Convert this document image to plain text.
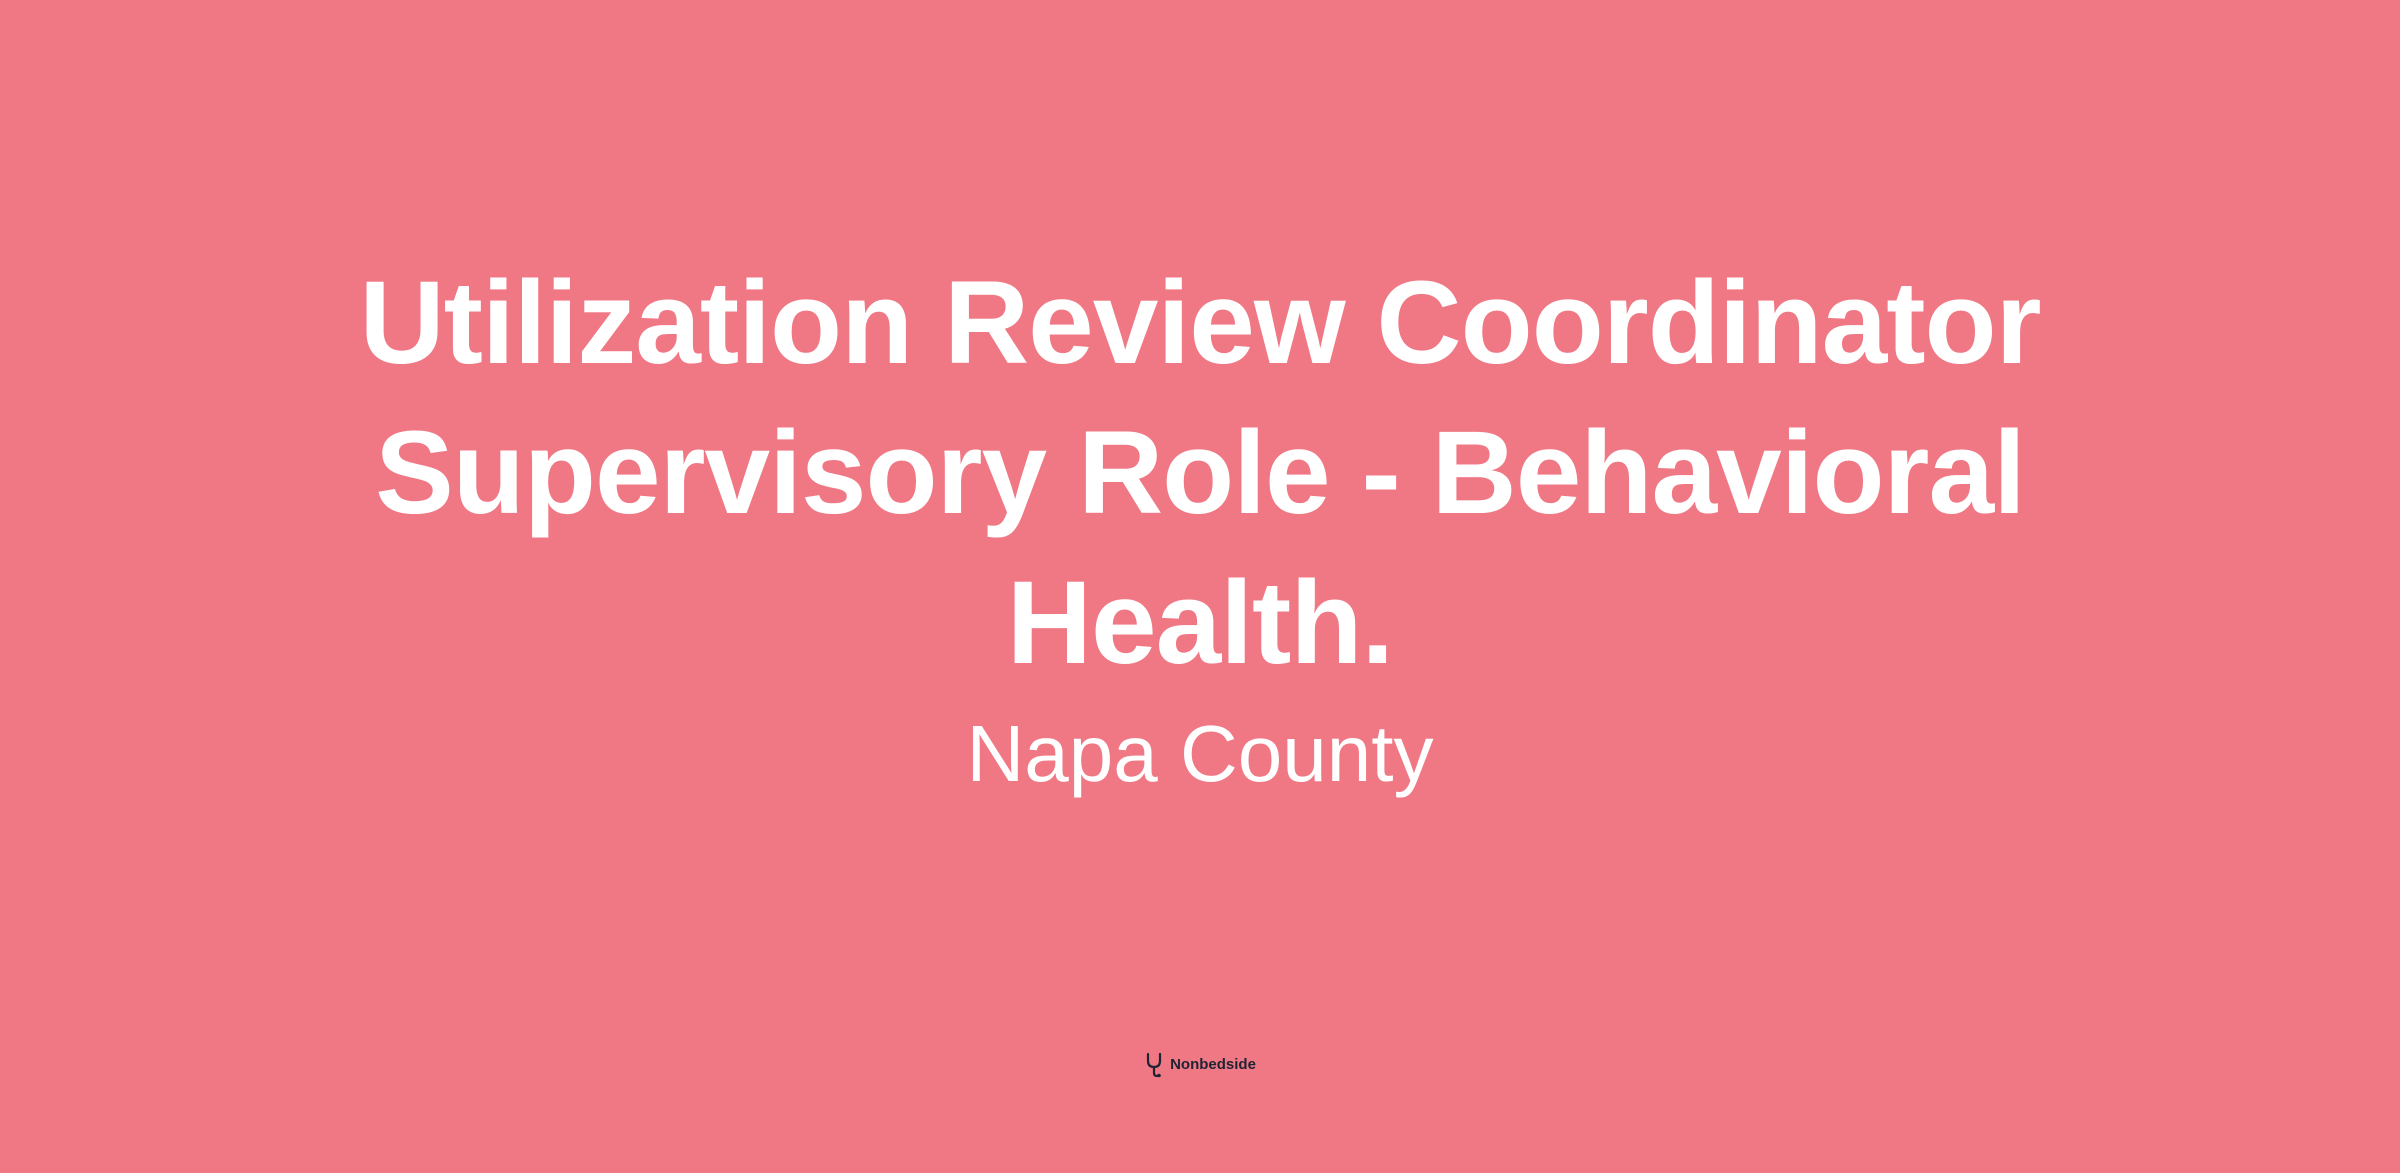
Utilization Review Coordinator Supervisory Role - Behavioral Health.
Napa County
Nonbedside
